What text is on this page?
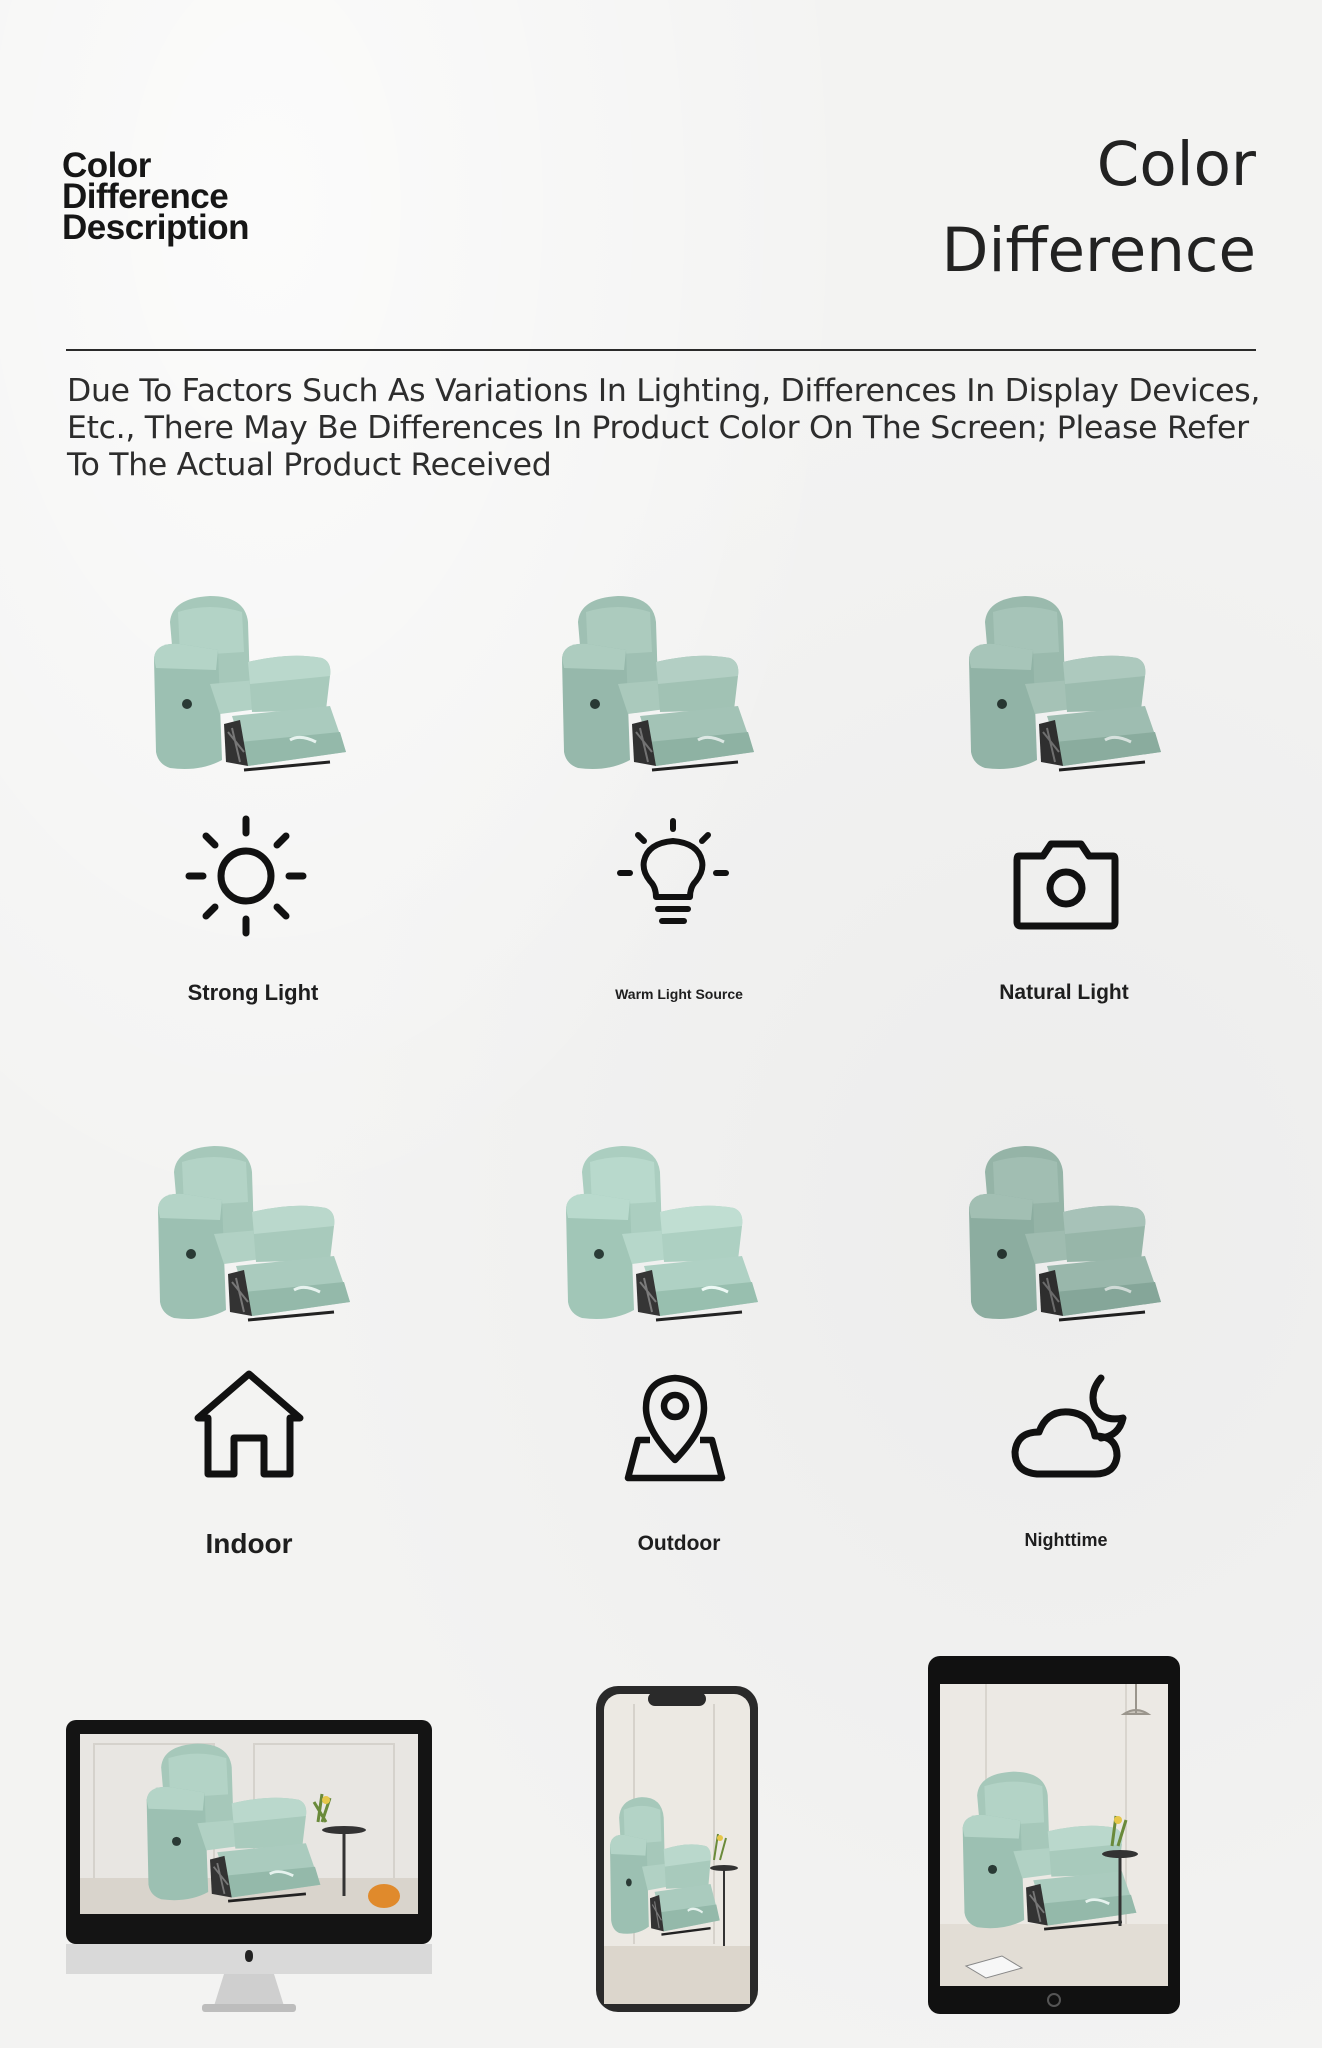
Color
Difference
Description
Color
Difference
Due To Factors Such As Variations In Lighting, Differences In Display Devices, Etc., There May Be Differences In Product Color On The Screen; Please Refer To The Actual Product Received
Strong Light	Warm Light Source	Natural Light
Indoor	Outdoor	Nighttime
